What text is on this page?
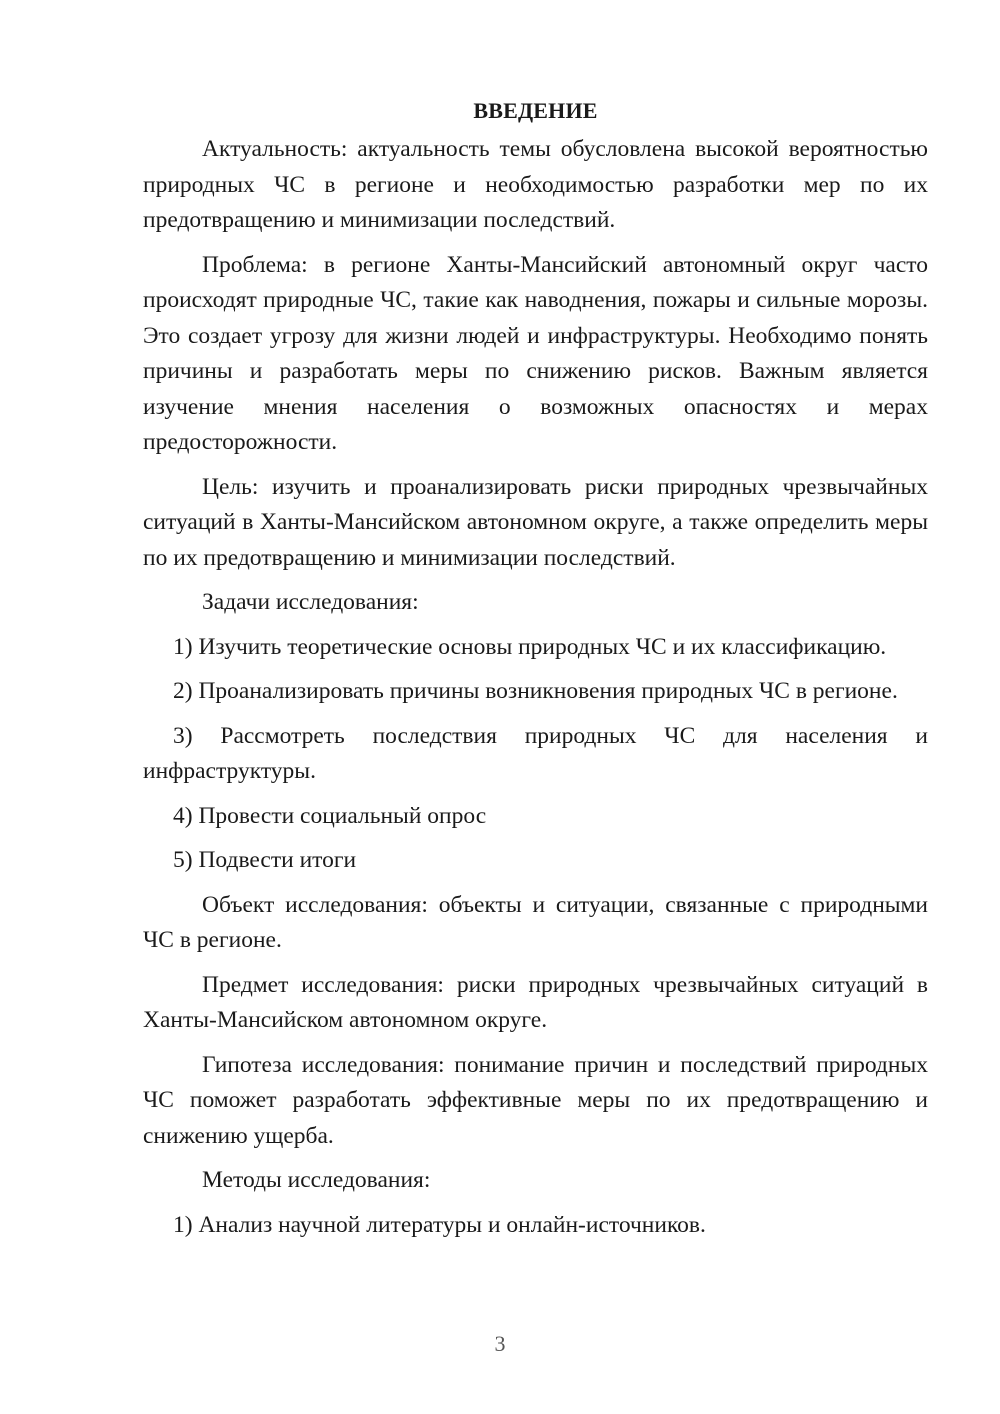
ВВЕДЕНИЕ

Актуальность: актуальность темы обусловлена высокой вероятностью природных ЧС в регионе и необходимостью разработки мер по их предотвращению и минимизации последствий.

Проблема: в регионе Ханты-Мансийский автономный округ часто происходят природные ЧС, такие как наводнения, пожары и сильные морозы. Это создает угрозу для жизни людей и инфраструктуры. Необходимо понять причины и разработать меры по снижению рисков. Важным является изучение мнения населения о возможных опасностях и мерах предосторожности.

Цель: изучить и проанализировать риски природных чрезвычайных ситуаций в Ханты-Мансийском автономном округе, а также определить меры по их предотвращению и минимизации последствий.

Задачи исследования:

1) Изучить теоретические основы природных ЧС и их классификацию.

2) Проанализировать причины возникновения природных ЧС в регионе.

3) Рассмотреть последствия природных ЧС для населения и инфраструктуры.

4) Провести социальный опрос

5) Подвести итоги

Объект исследования: объекты и ситуации, связанные с природными ЧС в регионе.

Предмет исследования: риски природных чрезвычайных ситуаций в Ханты-Мансийском автономном округе.

Гипотеза исследования: понимание причин и последствий природных ЧС поможет разработать эффективные меры по их предотвращению и снижению ущерба.

Методы исследования:

1) Анализ научной литературы и онлайн-источников.

3
